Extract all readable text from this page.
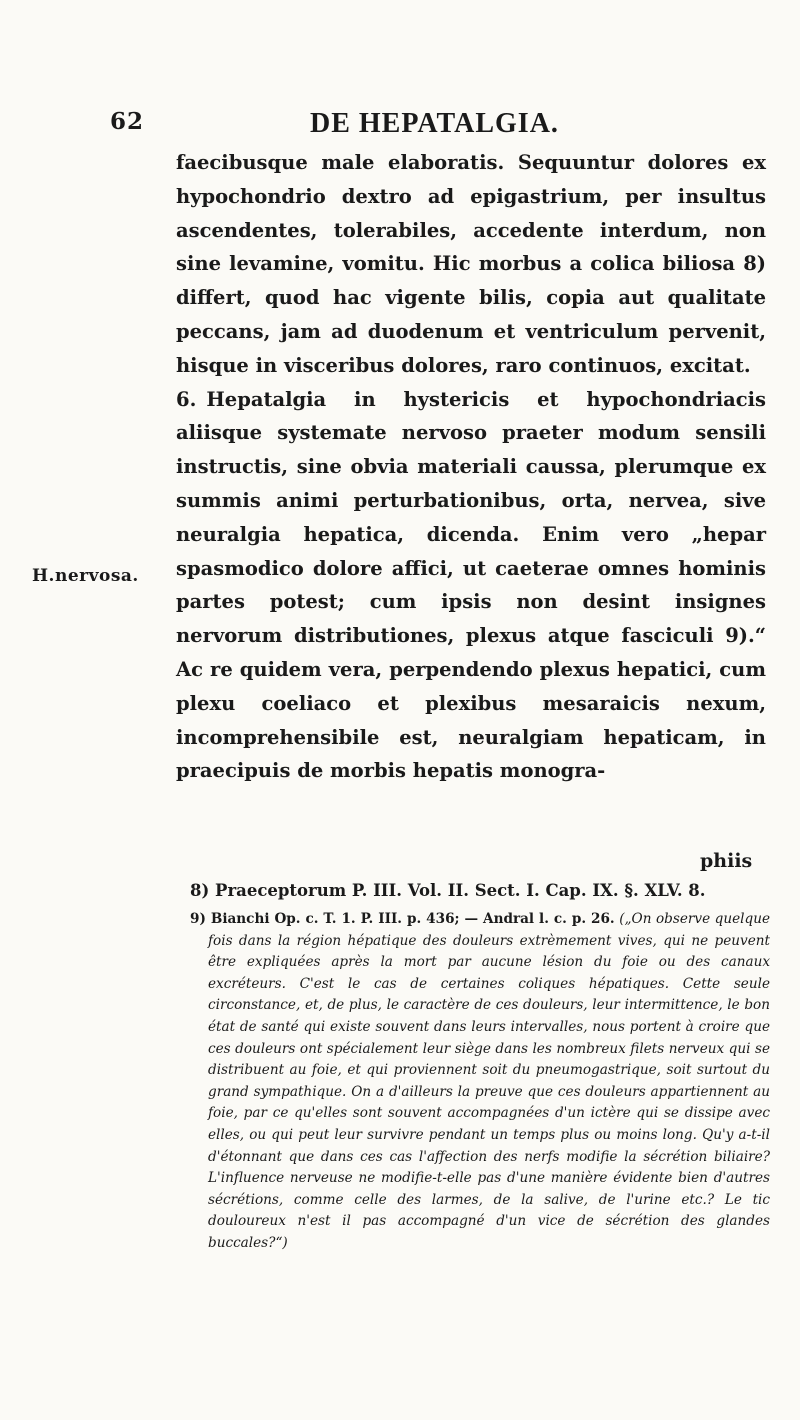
62	DE HEPATALGIA.
H.nervosa.

faecibusque male elaboratis. Sequuntur dolores ex hypochondrio dextro ad epigastrium, per insultus ascendentes, tolerabiles, accedente interdum, non sine levamine, vomitu. Hic morbus a colica biliosa 8) differt, quod hac vigente bilis, copia aut qualitate peccans, jam ad duodenum et ventriculum pervenit, hisque in visceribus dolores, raro continuos, excitat.

6. Hepatalgia in hystericis et hypochondriacis aliisque systemate nervoso praeter modum sensili instructis, sine obvia materiali caussa, plerumque ex summis animi perturbationibus, orta, nervea, sive neuralgia hepatica, dicenda. Enim vero „hepar spasmodico dolore affici, ut caeterae omnes hominis partes potest; cum ipsis non desint insignes nervorum distributiones, plexus atque fasciculi 9).“ Ac re quidem vera, perpendendo plexus hepatici, cum plexu coeliaco et plexibus mesaraicis nexum, incomprehensibile est, neuralgiam hepaticam, in praecipuis de morbis hepatis monogra-

phiis
8) Praeceptorum P. III. Vol. II. Sect. I. Cap. IX. §. XLV. 8.

9) Bianchi Op. c. T. 1. P. III. p. 436; — Andral l. c. p. 26. („On observe quelque fois dans la région hépatique des douleurs extrèmement vives, qui ne peuvent être expliquées après la mort par aucune lésion du foie ou des canaux excréteurs. C'est le cas de certaines coliques hépatiques. Cette seule circonstance, et, de plus, le caractère de ces douleurs, leur intermittence, le bon état de santé qui existe souvent dans leurs intervalles, nous portent à croire que ces douleurs ont spécialement leur siège dans les nombreux filets nerveux qui se distribuent au foie, et qui proviennent soit du pneumogastrique, soit surtout du grand sympathique. On a d'ailleurs la preuve que ces douleurs appartiennent au foie, par ce qu'elles sont souvent accompagnées d'un ictère qui se dissipe avec elles, ou qui peut leur survivre pendant un temps plus ou moins long. Qu'y a-t-il d'étonnant que dans ces cas l'affection des nerfs modifie la sécrétion biliaire? L'influence nerveuse ne modifie-t-elle pas d'une manière évidente bien d'autres sécrétions, comme celle des larmes, de la salive, de l'urine etc.? Le tic douloureux n'est il pas accompagné d'un vice de sécrétion des glandes buccales?“)
